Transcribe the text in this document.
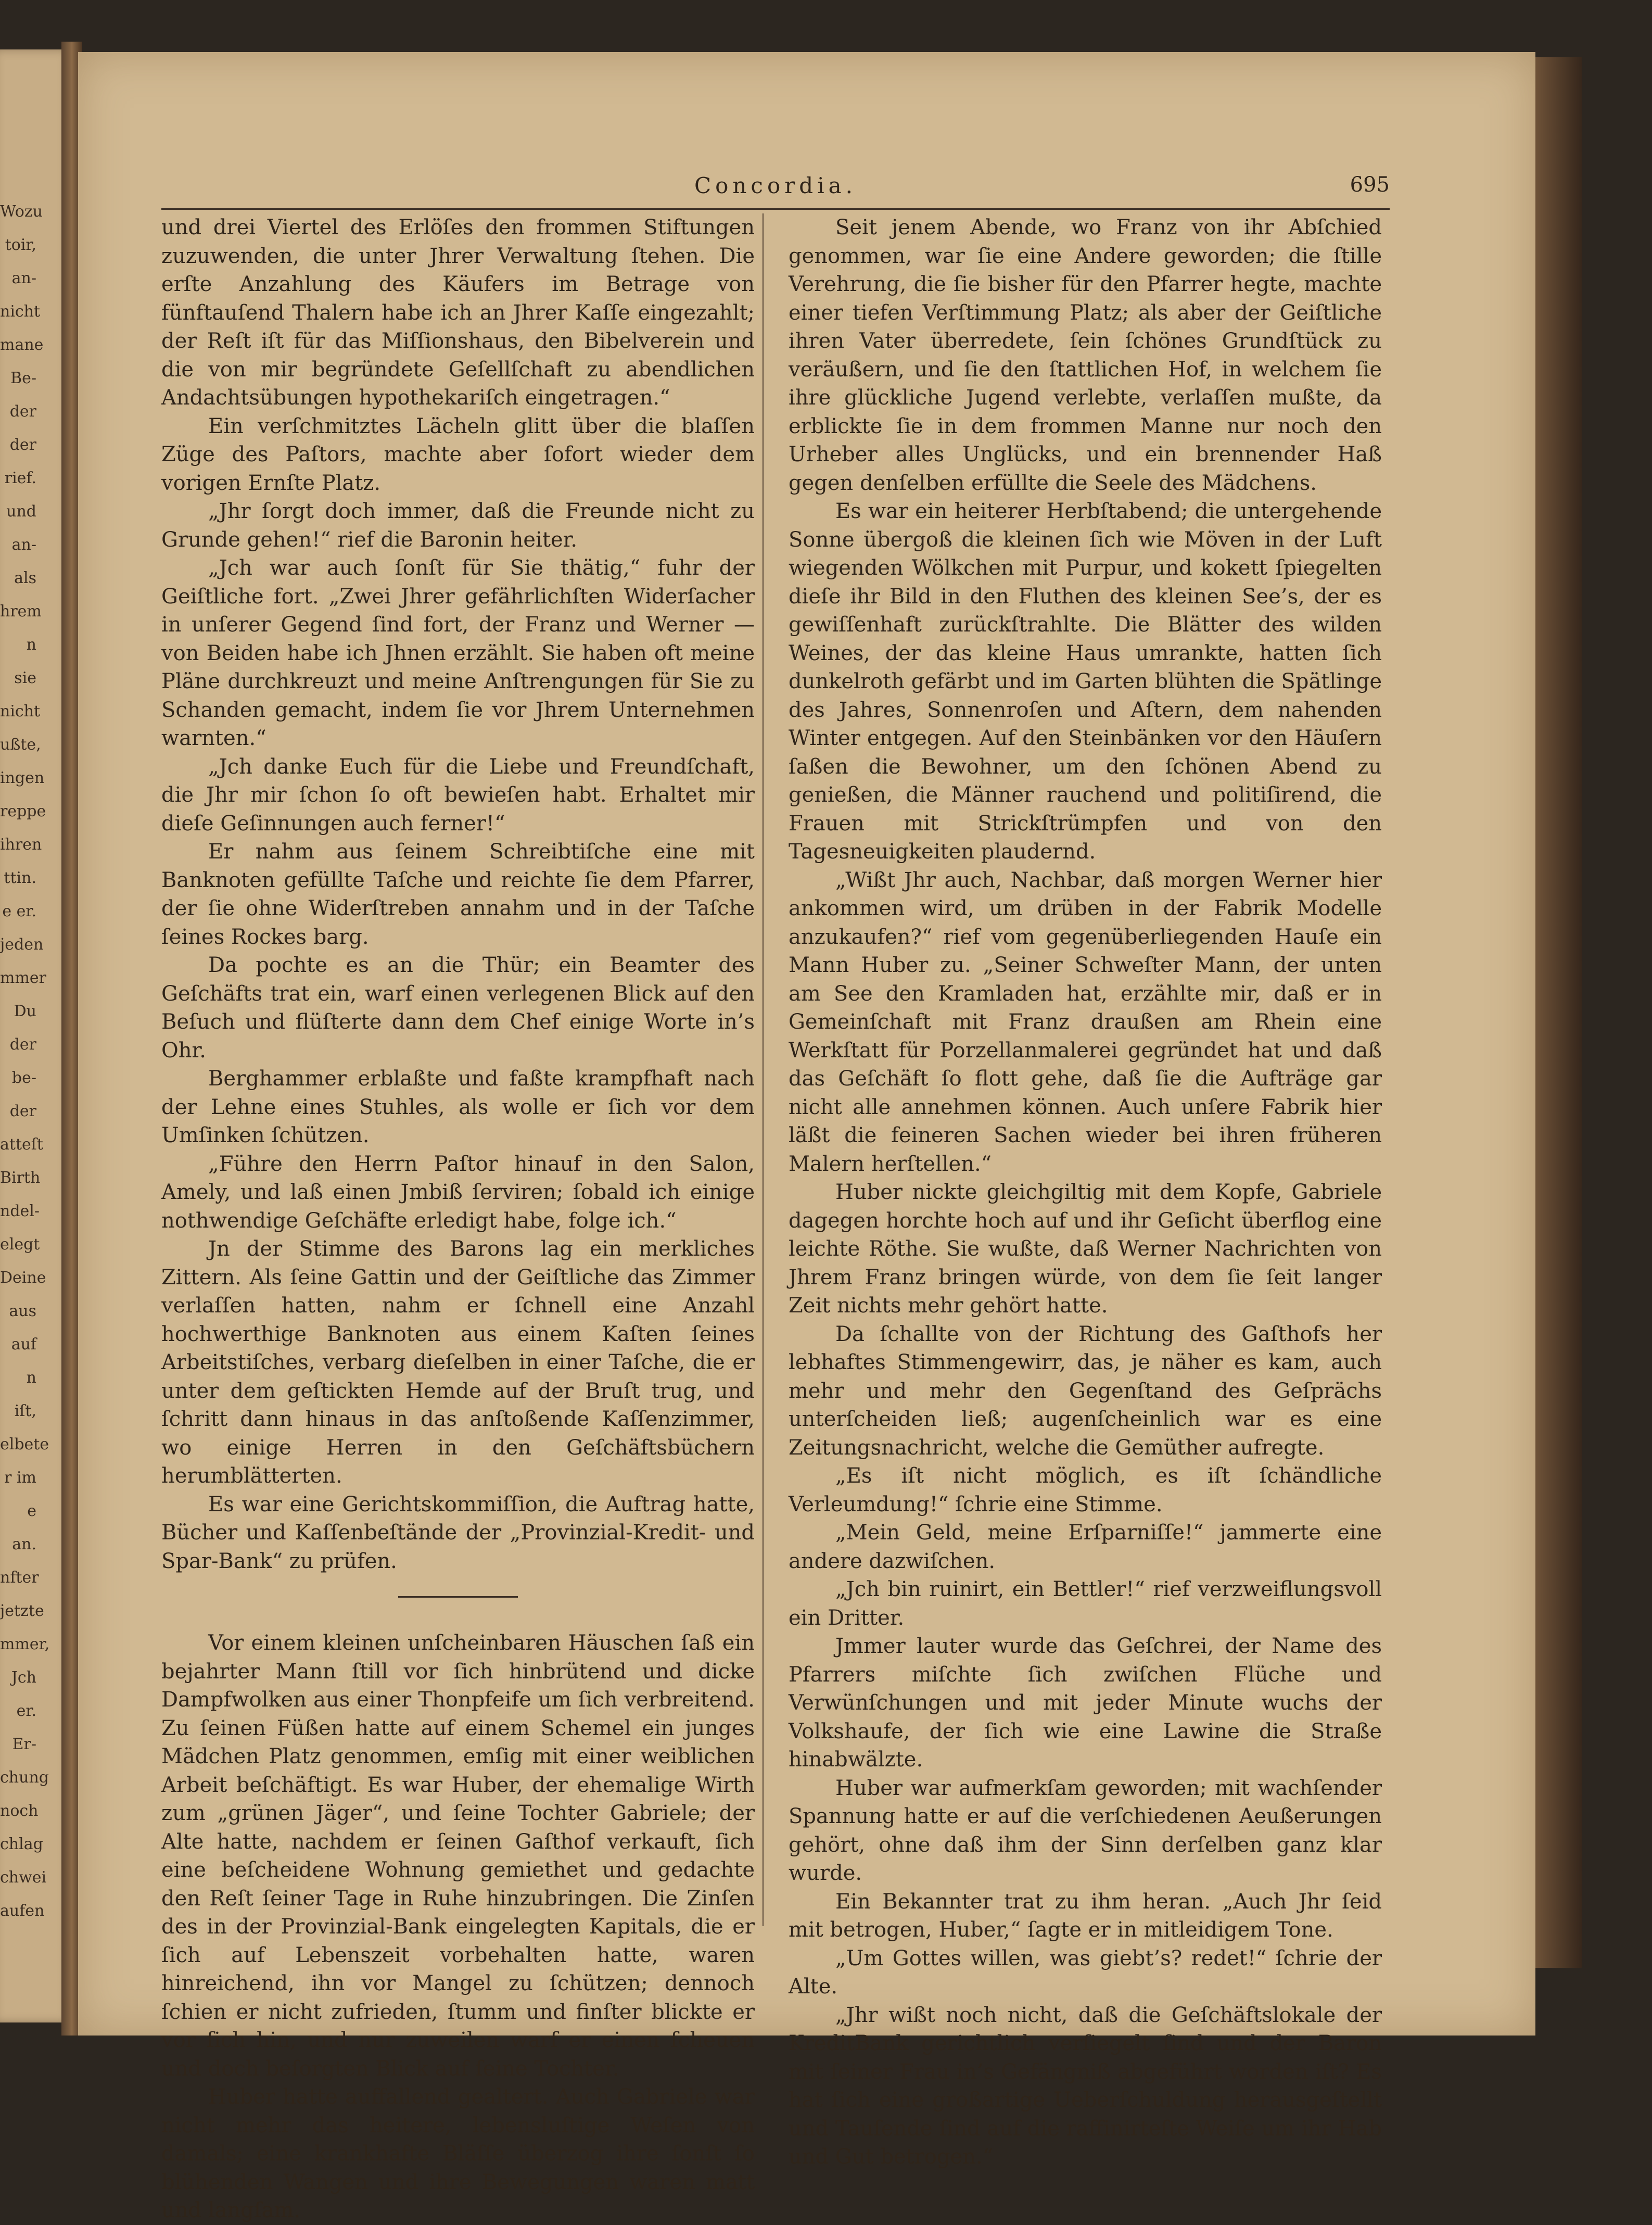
Wozu
toir,
an-
nicht
mane
Be-
der
der
rief.
und
an-
als
hrem
n sie
nicht
ußte,
ingen
reppe
ihren
ttin.
e er.
jeden
mmer
Du
der
be-
der
atteſt
Birth
ndel-
elegt
Deine
aus
auf
n iſt,
elbete
r im
e an.
nfter
jetzte
mmer,
Jch
er.
Er-
chung
noch
chlag
chwei
aufen
Concordia.	695

und drei Viertel des Erlöſes den frommen Stiftungen zuzuwenden, die unter Jhrer Verwaltung ſtehen. Die erſte Anzahlung des Käufers im Betrage von fünftauſend Thalern habe ich an Jhrer Kaſſe eingezahlt; der Reſt iſt für das Miſſionshaus, den Bibelverein und die von mir begründete Geſellſchaft zu abendlichen Andachtsübungen hypothekariſch eingetragen.“

Ein verſchmitztes Lächeln glitt über die blaſſen Züge des Paſtors, machte aber ſofort wieder dem vorigen Ernſte Platz.

„Jhr ſorgt doch immer, daß die Freunde nicht zu Grunde gehen!“ rief die Baronin heiter.

„Jch war auch ſonſt für Sie thätig,“ fuhr der Geiſtliche fort. „Zwei Jhrer gefährlichſten Widerſacher in unſerer Gegend ſind fort, der Franz und Werner — von Beiden habe ich Jhnen erzählt. Sie haben oft meine Pläne durchkreuzt und meine Anſtrengungen für Sie zu Schanden gemacht, indem ſie vor Jhrem Unternehmen warnten.“

„Jch danke Euch für die Liebe und Freundſchaft, die Jhr mir ſchon ſo oft bewieſen habt. Erhaltet mir dieſe Geſinnungen auch ferner!“

Er nahm aus ſeinem Schreibtiſche eine mit Banknoten gefüllte Taſche und reichte ſie dem Pfarrer, der ſie ohne Widerſtreben annahm und in der Taſche ſeines Rockes barg.

Da pochte es an die Thür; ein Beamter des Geſchäfts trat ein, warf einen verlegenen Blick auf den Beſuch und flüſterte dann dem Chef einige Worte in’s Ohr.

Berghammer erblaßte und faßte krampfhaft nach der Lehne eines Stuhles, als wolle er ſich vor dem Umſinken ſchützen.

„Führe den Herrn Paſtor hinauf in den Salon, Amely, und laß einen Jmbiß ſerviren; ſobald ich einige nothwendige Geſchäfte erledigt habe, folge ich.“

Jn der Stimme des Barons lag ein merkliches Zittern. Als ſeine Gattin und der Geiſtliche das Zimmer verlaſſen hatten, nahm er ſchnell eine Anzahl hochwerthige Banknoten aus einem Kaſten ſeines Arbeitstiſches, verbarg dieſelben in einer Taſche, die er unter dem geſtickten Hemde auf der Bruſt trug, und ſchritt dann hinaus in das anſtoßende Kaſſenzimmer, wo einige Herren in den Geſchäftsbüchern herumblätterten.

Es war eine Gerichtskommiſſion, die Auftrag hatte, Bücher und Kaſſenbeſtände der „Provinzial-Kredit- und Spar-Bank“ zu prüfen.

Vor einem kleinen unſcheinbaren Häuschen ſaß ein bejahrter Mann ſtill vor ſich hinbrütend und dicke Dampfwolken aus einer Thonpfeife um ſich verbreitend. Zu ſeinen Füßen hatte auf einem Schemel ein junges Mädchen Platz genommen, emſig mit einer weiblichen Arbeit beſchäftigt. Es war Huber, der ehemalige Wirth zum „grünen Jäger“, und ſeine Tochter Gabriele; der Alte hatte, nachdem er ſeinen Gaſthof verkauft, ſich eine beſcheidene Wohnung gemiethet und gedachte den Reſt ſeiner Tage in Ruhe hinzubringen. Die Zinſen des in der Provinzial-Bank eingelegten Kapitals, die er ſich auf Lebenszeit vorbehalten hatte, waren hinreichend, ihn vor Mangel zu ſchützen; dennoch ſchien er nicht zufrieden, ſtumm und finſter blickte er vor ſich hin, und nur zuweilen warf er einen ſcheuen und doch beſorgten Blick auf ſeine Tochter.

Huber hatte auffallend gealtert. Auch Gabriele war nicht mehr das heitere, lebensluſtige Weſen von damals; eine krankhafte Bläſſe überzog ihre ſonſt ſo blühenden Wangen und ihre Bewegungen waren matt und langſam.

Seit jenem Abende, wo Franz von ihr Abſchied genommen, war ſie eine Andere geworden; die ſtille Verehrung, die ſie bisher für den Pfarrer hegte, machte einer tiefen Verſtimmung Platz; als aber der Geiſtliche ihren Vater überredete, ſein ſchönes Grundſtück zu veräußern, und ſie den ſtattlichen Hof, in welchem ſie ihre glückliche Jugend verlebte, verlaſſen mußte, da erblickte ſie in dem frommen Manne nur noch den Urheber alles Unglücks, und ein brennender Haß gegen denſelben erfüllte die Seele des Mädchens.

Es war ein heiterer Herbſtabend; die untergehende Sonne übergoß die kleinen ſich wie Möven in der Luft wiegenden Wölkchen mit Purpur, und kokett ſpiegelten dieſe ihr Bild in den Fluthen des kleinen See’s, der es gewiſſenhaft zurückſtrahlte. Die Blätter des wilden Weines, der das kleine Haus umrankte, hatten ſich dunkelroth gefärbt und im Garten blühten die Spätlinge des Jahres, Sonnenroſen und Aſtern, dem nahenden Winter entgegen. Auf den Steinbänken vor den Häuſern ſaßen die Bewohner, um den ſchönen Abend zu genießen, die Männer rauchend und politiſirend, die Frauen mit Strickſtrümpfen und von den Tagesneuigkeiten plaudernd.

„Wißt Jhr auch, Nachbar, daß morgen Werner hier ankommen wird, um drüben in der Fabrik Modelle anzukaufen?“ rief vom gegenüberliegenden Hauſe ein Mann Huber zu. „Seiner Schweſter Mann, der unten am See den Kramladen hat, erzählte mir, daß er in Gemeinſchaft mit Franz draußen am Rhein eine Werkſtatt für Porzellanmalerei gegründet hat und daß das Geſchäft ſo flott gehe, daß ſie die Aufträge gar nicht alle annehmen können. Auch unſere Fabrik hier läßt die feineren Sachen wieder bei ihren früheren Malern herſtellen.“

Huber nickte gleichgiltig mit dem Kopfe, Gabriele dagegen horchte hoch auf und ihr Geſicht überflog eine leichte Röthe. Sie wußte, daß Werner Nachrichten von Jhrem Franz bringen würde, von dem ſie ſeit langer Zeit nichts mehr gehört hatte.

Da ſchallte von der Richtung des Gaſthofs her lebhaftes Stimmengewirr, das, je näher es kam, auch mehr und mehr den Gegenſtand des Geſprächs unterſcheiden ließ; augenſcheinlich war es eine Zeitungsnachricht, welche die Gemüther aufregte.

„Es iſt nicht möglich, es iſt ſchändliche Verleumdung!“ ſchrie eine Stimme.

„Mein Geld, meine Erſparniſſe!“ jammerte eine andere dazwiſchen.

„Jch bin ruinirt, ein Bettler!“ rief verzweiflungsvoll ein Dritter.

Jmmer lauter wurde das Geſchrei, der Name des Pfarrers miſchte ſich zwiſchen Flüche und Verwünſchungen und mit jeder Minute wuchs der Volkshaufe, der ſich wie eine Lawine die Straße hinabwälzte.

Huber war aufmerkſam geworden; mit wachſender Spannung hatte er auf die verſchiedenen Aeußerungen gehört, ohne daß ihm der Sinn derſelben ganz klar wurde.

Ein Bekannter trat zu ihm heran. „Auch Jhr ſeid mit betrogen, Huber,“ ſagte er in mitleidigem Tone.

„Um Gottes willen, was giebt’s? redet!“ ſchrie der Alte.

„Jhr wißt noch nicht, daß die Geſchäftslokale der KreditBank gerichtlich verſiegelt ſind und der Baron mit ſeiner Frau in’s Gefängniß abgeführt worden iſt? Es hat ſich eine großartige Ueberſchuldung herausgeſtellt und Tauſende ſind auf die raffinirteſte Weiſe um ihr Hab und Gut betrogen.“
